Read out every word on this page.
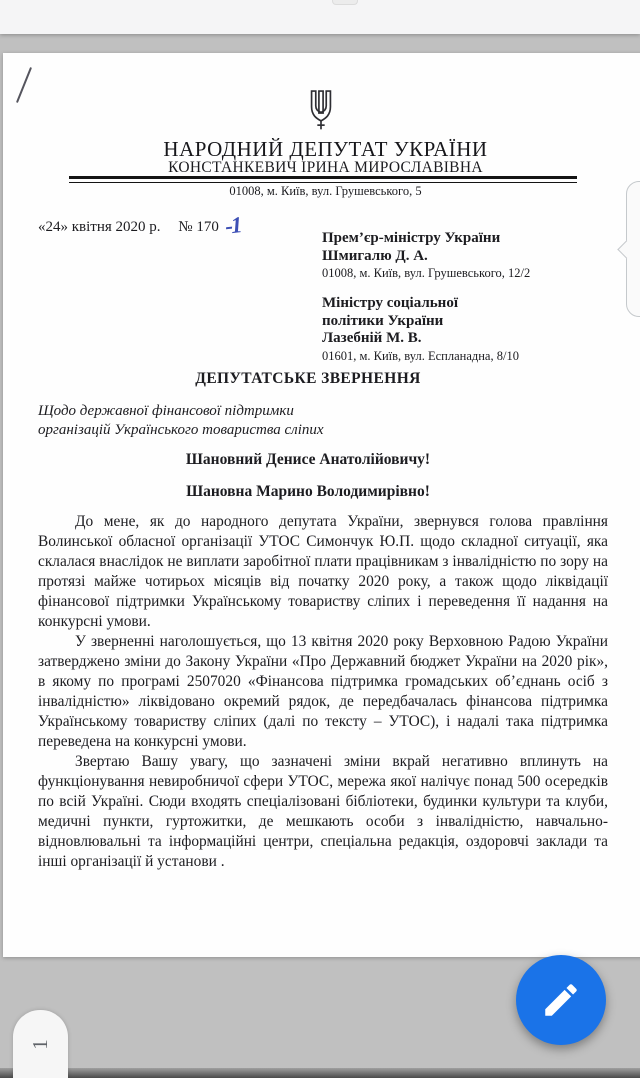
НАРОДНИЙ ДЕПУТАТ УКРАЇНИ
КОНСТАНКЕВИЧ ІРИНА МИРОСЛАВІВНА
01008, м. Київ, вул. Грушевського, 5
«24» квітня 2020 р. № 170 -1	Прем’єр-міністру України
Шмигалю Д. А.
01008, м. Київ, вул. Грушевського, 12/2
Міністру соціальної
політики України
Лазебній М. В.
01601, м. Київ, вул. Еспланадна, 8/10
ДЕПУТАТСЬКЕ ЗВЕРНЕННЯ
Щодо державної фінансової підтримки
організацій Українського товариства сліпих
Шановний Денисе Анатолійовичу!
Шановна Марино Володимирівно!

До мене, як до народного депутата України, звернувся голова правління Волинської обласної організації УТОС Симончук Ю.П. щодо складної ситуації, яка склалася внаслідок не виплати заробітної плати працівникам з інвалідністю по зору на протязі майже чотирьох місяців від початку 2020 року, а також щодо ліквідації фінансової підтримки Українському товариству сліпих і переведення її надання на конкурсні умови.

У зверненні наголошується, що 13 квітня 2020 року Верховною Радою України затверджено зміни до Закону України «Про Державний бюджет України на 2020 рік», в якому по програмі 2507020 «Фінансова підтримка громадських об’єднань осіб з інвалідністю» ліквідовано окремий рядок, де передбачалась фінансова підтримка Українському товариству сліпих (далі по тексту – УТОС), і надалі така підтримка переведена на конкурсні умови.

Звертаю Вашу увагу, що зазначені зміни вкрай негативно вплинуть на функціонування невиробничої сфери УТОС, мережа якої налічує понад 500 осередків по всій Україні. Сюди входять спеціалізовані бібліотеки, будинки культури та клуби, медичні пункти, гуртожитки, де мешкають особи з інвалідністю, навчально-відновлювальні та інформаційні центри, спеціальна редакція, оздоровчі заклади та інші організації й установи .

1
